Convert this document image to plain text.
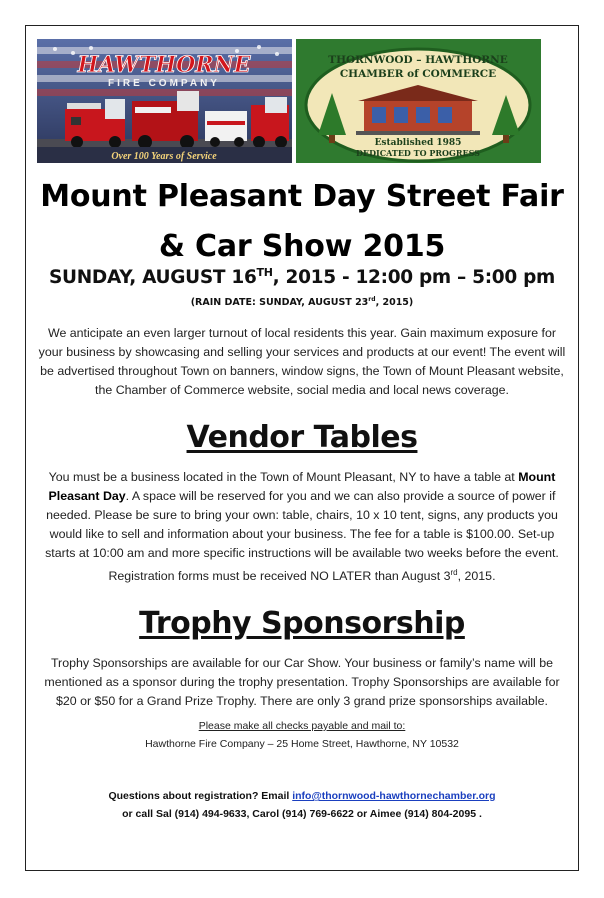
HAWTHORNE
FIRE COMPANY
Over 100 Years of Service
THORNWOOD – HAWTHORNE
CHAMBER of COMMERCE
Established 1985
DEDICATED TO PROGRESS
Mount Pleasant Day Street Fair
& Car Show 2015
SUNDAY, AUGUST 16TH, 2015 - 12:00 pm – 5:00 pm
(RAIN DATE: SUNDAY, AUGUST 23rd, 2015)
We anticipate an even larger turnout of local residents this year. Gain maximum exposure for your business by showcasing and selling your services and products at our event! The event will be advertised throughout Town on banners, window signs, the Town of Mount Pleasant website, the Chamber of Commerce website, social media and local news coverage.
Vendor Tables
You must be a business located in the Town of Mount Pleasant, NY to have a table at Mount Pleasant Day. A space will be reserved for you and we can also provide a source of power if needed. Please be sure to bring your own: table, chairs, 10 x 10 tent, signs, any products you would like to sell and information about your business. The fee for a table is $100.00. Set-up starts at 10:00 am and more specific instructions will be available two weeks before the event. Registration forms must be received NO LATER than August 3rd, 2015.
Trophy Sponsorship
Trophy Sponsorships are available for our Car Show. Your business or family’s name will be mentioned as a sponsor during the trophy presentation. Trophy Sponsorships are available for $20 or $50 for a Grand Prize Trophy. There are only 3 grand prize sponsorships available.
Please make all checks payable and mail to:
Hawthorne Fire Company – 25 Home Street, Hawthorne, NY 10532
Questions about registration? Email info@thornwood-hawthornechamber.org
or call Sal (914) 494-9633, Carol (914) 769-6622 or Aimee (914) 804-2095 .
